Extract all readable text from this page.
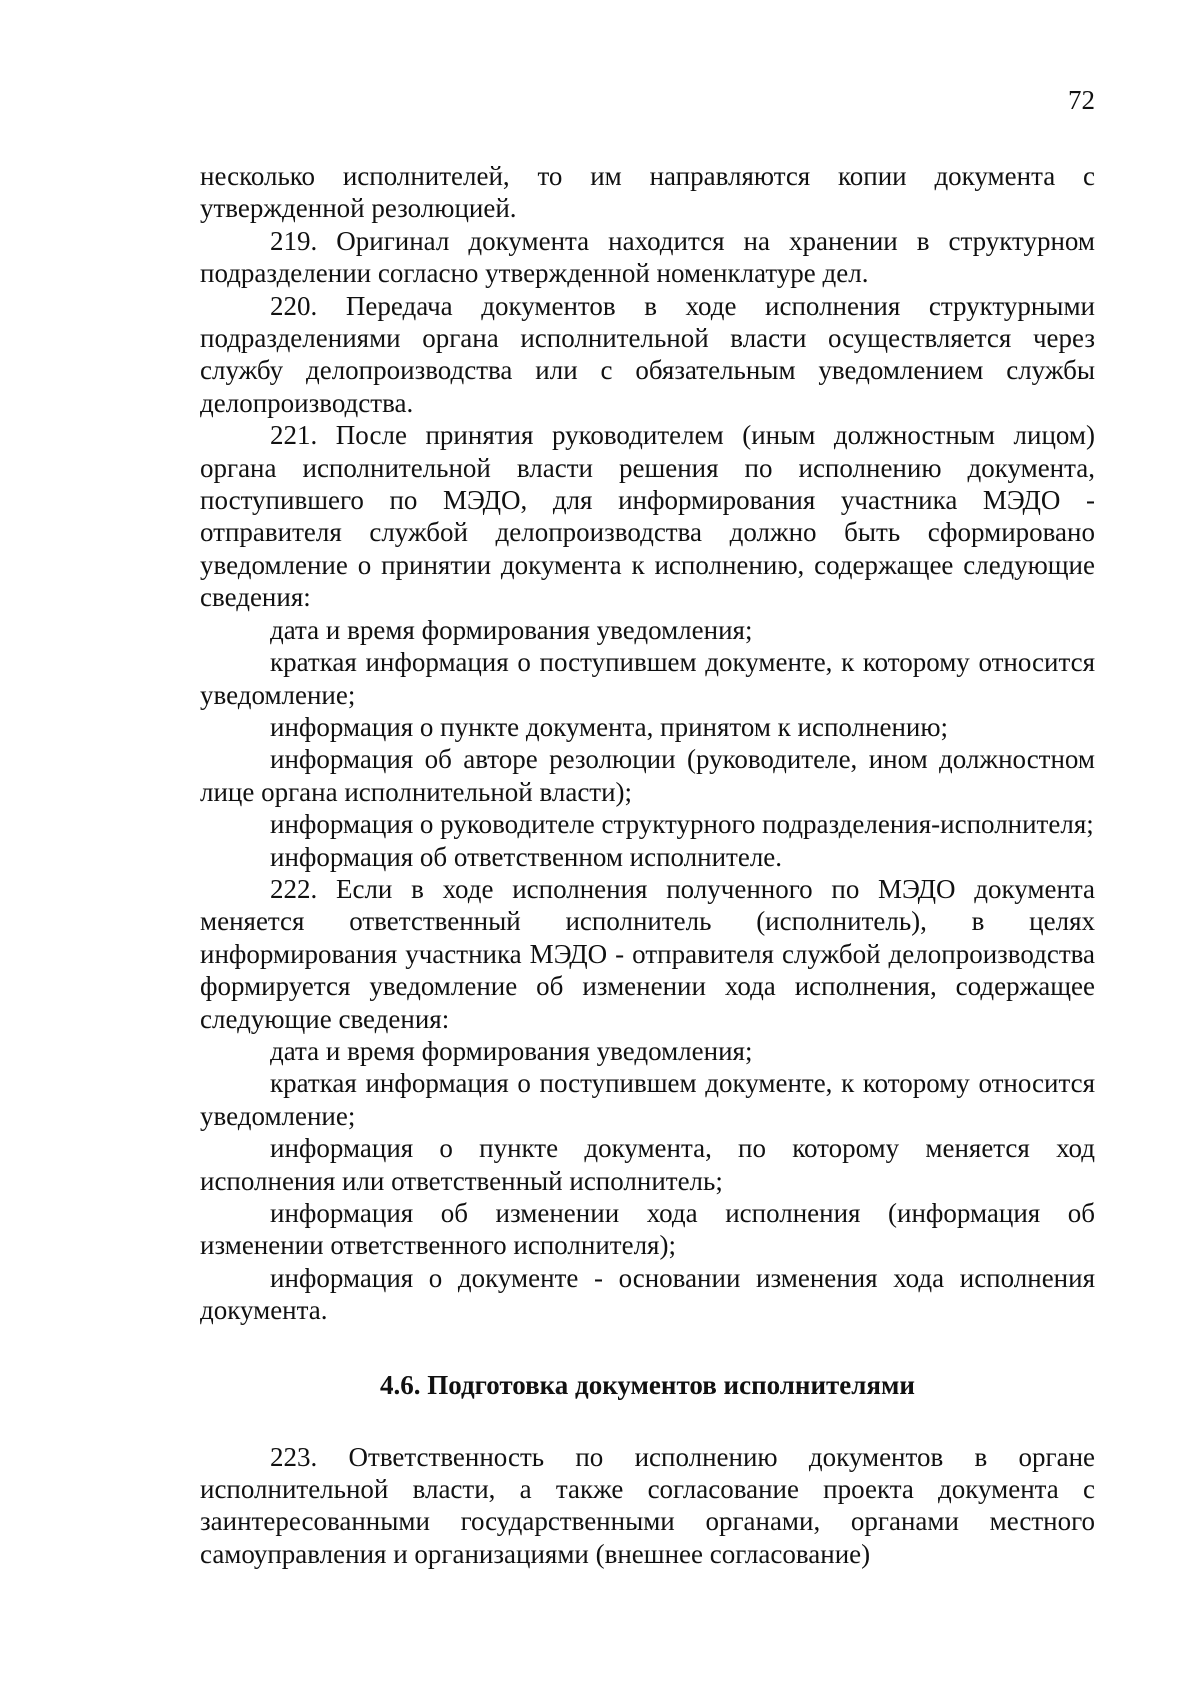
72

несколько исполнителей, то им направляются копии документа с утвержденной резолюцией.

219. Оригинал документа находится на хранении в структурном подразделении согласно утвержденной номенклатуре дел.

220. Передача документов в ходе исполнения структурными подразделениями органа исполнительной власти осуществляется через службу делопроизводства или с обязательным уведомлением службы делопроизводства.

221. После принятия руководителем (иным должностным лицом) органа исполнительной власти решения по исполнению документа, поступившего по МЭДО, для информирования участника МЭДО - отправителя службой делопроизводства должно быть сформировано уведомление о принятии документа к исполнению, содержащее следующие сведения:

дата и время формирования уведомления;

краткая информация о поступившем документе, к которому относится уведомление;

информация о пункте документа, принятом к исполнению;

информация об авторе резолюции (руководителе, ином должностном лице органа исполнительной власти);

информация о руководителе структурного подразделения-исполнителя;

информация об ответственном исполнителе.

222. Если в ходе исполнения полученного по МЭДО документа меняется ответственный исполнитель (исполнитель), в целях информирования участника МЭДО - отправителя службой делопроизводства формируется уведомление об изменении хода исполнения, содержащее следующие сведения:

дата и время формирования уведомления;

краткая информация о поступившем документе, к которому относится уведомление;

информация о пункте документа, по которому меняется ход исполнения или ответственный исполнитель;

информация об изменении хода исполнения (информация об изменении ответственного исполнителя);

информация о документе - основании изменения хода исполнения документа.

4.6. Подготовка документов исполнителями

223. Ответственность по исполнению документов в органе исполнительной власти, а также согласование проекта документа с заинтересованными государственными органами, органами местного самоуправления и организациями (внешнее согласование)
